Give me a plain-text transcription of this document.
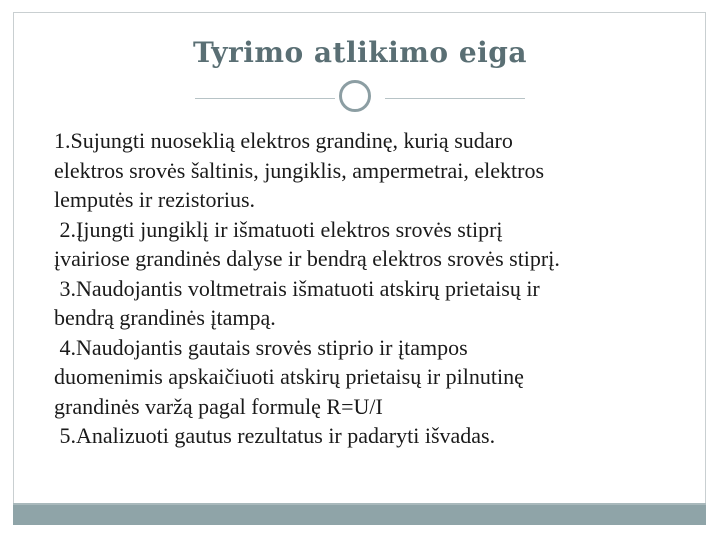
Tyrimo atlikimo eiga

1.Sujungti nuoseklią elektros grandinę, kurią sudaro
elektros srovės šaltinis, jungiklis, ampermetrai, elektros
lemputės ir rezistorius.

2.Įjungti jungiklį ir išmatuoti elektros srovės stiprį
įvairiose grandinės dalyse ir bendrą elektros srovės stiprį.

3.Naudojantis voltmetrais išmatuoti atskirų prietaisų ir
bendrą grandinės įtampą.

4.Naudojantis gautais srovės stiprio ir įtampos
duomenimis apskaičiuoti atskirų prietaisų ir pilnutinę
grandinės varžą pagal formulę R=U/I

5.Analizuoti gautus rezultatus ir padaryti išvadas.
